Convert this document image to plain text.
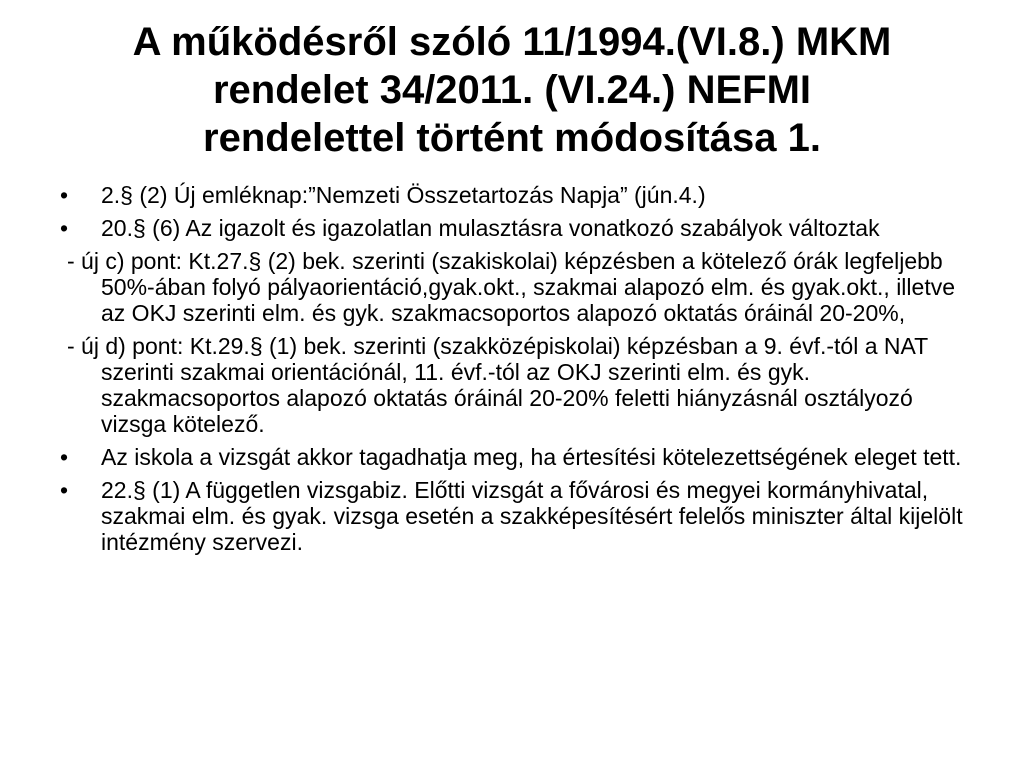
A működésről szóló 11/1994.(VI.8.) MKM
rendelet 34/2011. (VI.24.) NEFMI
rendelettel történt módosítása 1.
• 2.§ (2) Új emléknap:”Nemzeti Összetartozás Napja” (jún.4.)
• 20.§ (6) Az igazolt és igazolatlan mulasztásra vonatkozó szabályok változtak
- új c) pont: Kt.27.§ (2) bek. szerinti (szakiskolai) képzésben a kötelező órák legfeljebb 50%-ában folyó pályaorientáció,gyak.okt., szakmai alapozó elm. és gyak.okt., illetve az OKJ szerinti elm. és gyk. szakmacsoportos alapozó oktatás óráinál 20-20%,
- új d) pont: Kt.29.§ (1) bek. szerinti (szakközépiskolai) képzésban a 9. évf.-tól a NAT szerinti szakmai orientációnál, 11. évf.-tól az OKJ szerinti elm. és gyk. szakmacsoportos alapozó oktatás óráinál 20-20% feletti hiányzásnál osztályozó vizsga kötelező.
• Az iskola a vizsgát akkor tagadhatja meg, ha értesítési kötelezettségének eleget tett.
• 22.§ (1) A független vizsgabiz. Előtti vizsgát a fővárosi és megyei kormányhivatal, szakmai elm. és gyak. vizsga esetén a szakképesítésért felelős miniszter által kijelölt intézmény szervezi.
